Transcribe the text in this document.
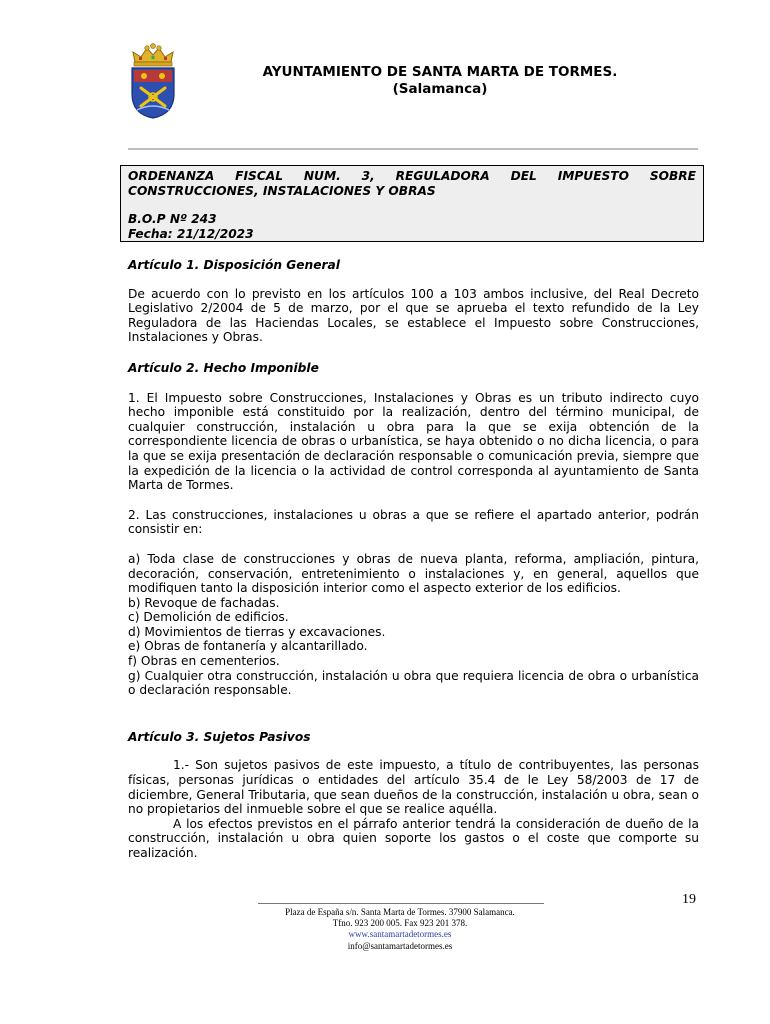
AYUNTAMIENTO DE SANTA MARTA DE TORMES.
(Salamanca)
ORDENANZA FISCAL NUM. 3, REGULADORA DEL IMPUESTO SOBRE
CONSTRUCCIONES, INSTALACIONES Y OBRAS
B.O.P Nº 243
Fecha: 21/12/2023
Artículo 1. Disposición General

De acuerdo con lo previsto en los artículos 100 a 103 ambos inclusive, del Real Decreto Legislativo 2/2004 de 5 de marzo, por el que se aprueba el texto refundido de la Ley Reguladora de las Haciendas Locales, se establece el Impuesto sobre Construcciones, Instalaciones y Obras.

Artículo 2. Hecho Imponible

1. El Impuesto sobre Construcciones, Instalaciones y Obras es un tributo indirecto cuyo hecho imponible está constituido por la realización, dentro del término municipal, de cualquier construcción, instalación u obra para la que se exija obtención de la correspondiente licencia de obras o urbanística, se haya obtenido o no dicha licencia, o para la que se exija presentación de declaración responsable o comunicación previa, siempre que la expedición de la licencia o la actividad de control corresponda al ayuntamiento de Santa Marta de Tormes.

2. Las construcciones, instalaciones u obras a que se refiere el apartado anterior, podrán consistir en:

a) Toda clase de construcciones y obras de nueva planta, reforma, ampliación, pintura, decoración, conservación, entretenimiento o instalaciones y, en general, aquellos que modifiquen tanto la disposición interior como el aspecto exterior de los edificios.

b) Revoque de fachadas.

c) Demolición de edificios.

d) Movimientos de tierras y excavaciones.

e) Obras de fontanería y alcantarillado.

f) Obras en cementerios.

g) Cualquier otra construcción, instalación u obra que requiera licencia de obra o urbanística o declaración responsable.

Artículo 3. Sujetos Pasivos

1.- Son sujetos pasivos de este impuesto, a título de contribuyentes, las personas físicas, personas jurídicas o entidades del artículo 35.4 de le Ley 58/2003 de 17 de diciembre, General Tributaria, que sean dueños de la construcción, instalación u obra, sean o no propietarios del inmueble sobre el que se realice aquélla.

A los efectos previstos en el párrafo anterior tendrá la consideración de dueño de la construcción, instalación u obra quien soporte los gastos o el coste que comporte su realización.

19
Plaza de España s/n. Santa Marta de Tormes. 37900 Salamanca.
Tfno. 923 200 005. Fax 923 201 378.
www.santamartadetormes.es
info@santamartadetormes.es
